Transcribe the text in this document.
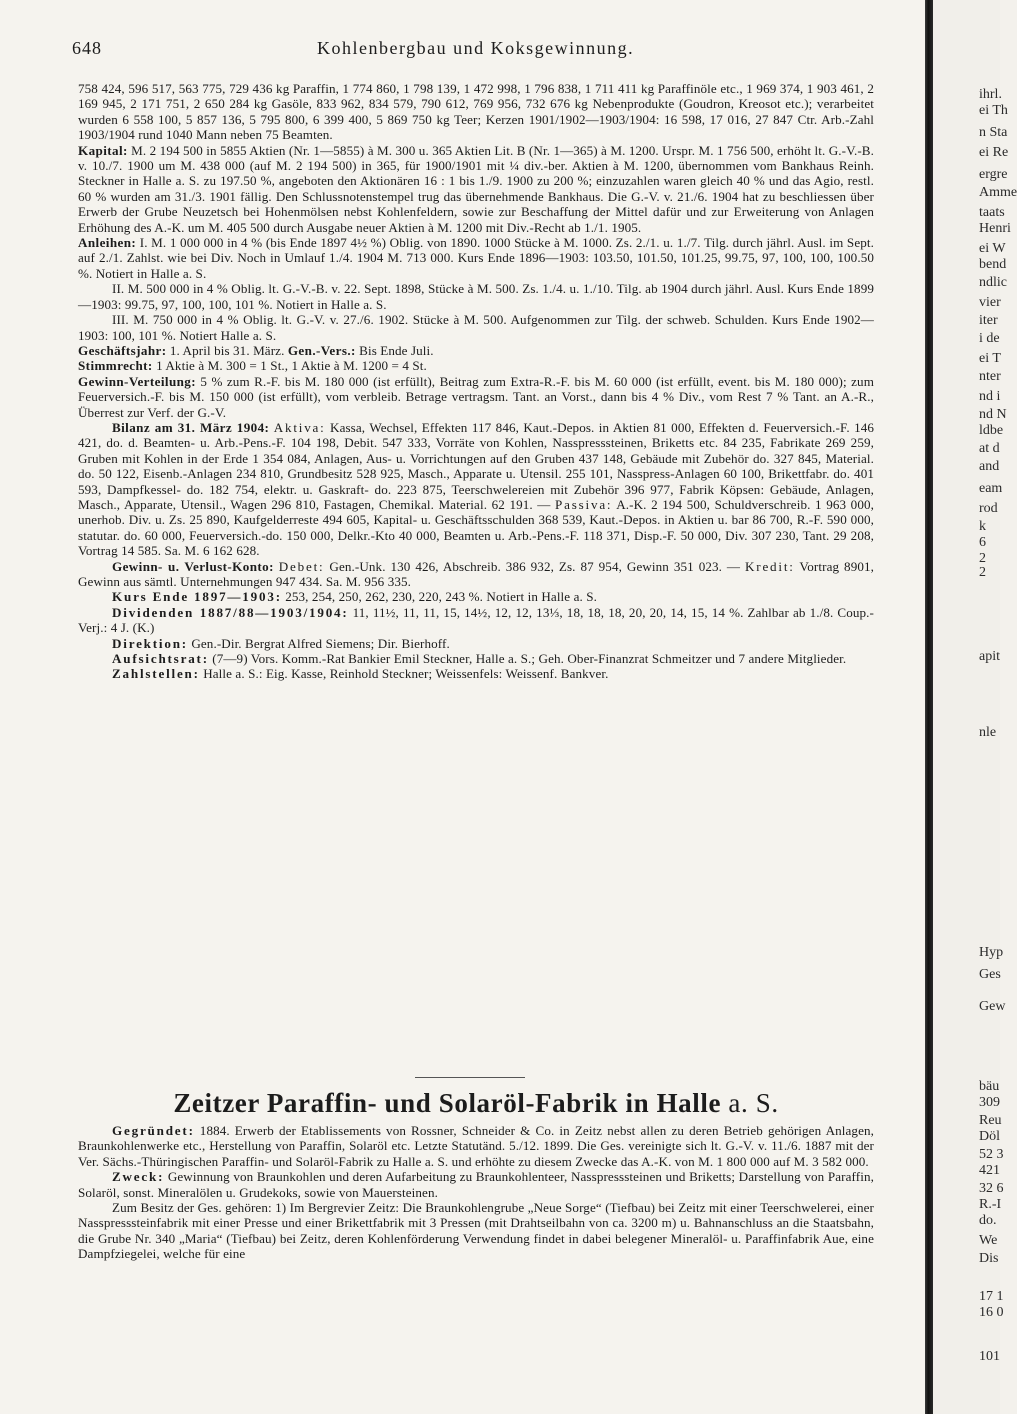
648	Kohlenbergbau und Koksgewinnung.

758 424, 596 517, 563 775, 729 436 kg Paraffin, 1 774 860, 1 798 139, 1 472 998, 1 796 838, 1 711 411 kg Paraffinöle etc., 1 969 374, 1 903 461, 2 169 945, 2 171 751, 2 650 284 kg Gasöle, 833 962, 834 579, 790 612, 769 956, 732 676 kg Nebenprodukte (Goudron, Kreosot etc.); verarbeitet wurden 6 558 100, 5 857 136, 5 795 800, 6 399 400, 5 869 750 kg Teer; Kerzen 1901/1902—1903/1904: 16 598, 17 016, 27 847 Ctr. Arb.-Zahl 1903/1904 rund 1040 Mann neben 75 Beamten.

Kapital: M. 2 194 500 in 5855 Aktien (Nr. 1—5855) à M. 300 u. 365 Aktien Lit. B (Nr. 1—365) à M. 1200. Urspr. M. 1 756 500, erhöht lt. G.-V.-B. v. 10./7. 1900 um M. 438 000 (auf M. 2 194 500) in 365, für 1900/1901 mit ¼ div.-ber. Aktien à M. 1200, übernommen vom Bankhaus Reinh. Steckner in Halle a. S. zu 197.50 %, angeboten den Aktionären 16 : 1 bis 1./9. 1900 zu 200 %; einzuzahlen waren gleich 40 % und das Agio, restl. 60 % wurden am 31./3. 1901 fällig. Den Schlussnotenstempel trug das übernehmende Bankhaus. Die G.-V. v. 21./6. 1904 hat zu beschliessen über Erwerb der Grube Neuzetsch bei Hohenmölsen nebst Kohlenfeldern, sowie zur Beschaffung der Mittel dafür und zur Erweiterung von Anlagen Erhöhung des A.-K. um M. 405 500 durch Ausgabe neuer Aktien à M. 1200 mit Div.-Recht ab 1./1. 1905.

Anleihen: I. M. 1 000 000 in 4 % (bis Ende 1897 4½ %) Oblig. von 1890. 1000 Stücke à M. 1000. Zs. 2./1. u. 1./7. Tilg. durch jährl. Ausl. im Sept. auf 2./1. Zahlst. wie bei Div. Noch in Umlauf 1./4. 1904 M. 713 000. Kurs Ende 1896—1903: 103.50, 101.50, 101.25, 99.75, 97, 100, 100, 100.50 %. Notiert in Halle a. S.

II. M. 500 000 in 4 % Oblig. lt. G.-V.-B. v. 22. Sept. 1898, Stücke à M. 500. Zs. 1./4. u. 1./10. Tilg. ab 1904 durch jährl. Ausl. Kurs Ende 1899—1903: 99.75, 97, 100, 100, 101 %. Notiert in Halle a. S.

III. M. 750 000 in 4 % Oblig. lt. G.-V. v. 27./6. 1902. Stücke à M. 500. Aufgenommen zur Tilg. der schweb. Schulden. Kurs Ende 1902—1903: 100, 101 %. Notiert Halle a. S.

Geschäftsjahr: 1. April bis 31. März. Gen.-Vers.: Bis Ende Juli.

Stimmrecht: 1 Aktie à M. 300 = 1 St., 1 Aktie à M. 1200 = 4 St.

Gewinn-Verteilung: 5 % zum R.-F. bis M. 180 000 (ist erfüllt), Beitrag zum Extra-R.-F. bis M. 60 000 (ist erfüllt, event. bis M. 180 000); zum Feuerversich.-F. bis M. 150 000 (ist erfüllt), vom verbleib. Betrage vertragsm. Tant. an Vorst., dann bis 4 % Div., vom Rest 7 % Tant. an A.-R., Überrest zur Verf. der G.-V.

Bilanz am 31. März 1904: Aktiva: Kassa, Wechsel, Effekten 117 846, Kaut.-Depos. in Aktien 81 000, Effekten d. Feuerversich.-F. 146 421, do. d. Beamten- u. Arb.-Pens.-F. 104 198, Debit. 547 333, Vorräte von Kohlen, Nasspresssteinen, Briketts etc. 84 235, Fabrikate 269 259, Gruben mit Kohlen in der Erde 1 354 084, Anlagen, Aus- u. Vorrichtungen auf den Gruben 437 148, Gebäude mit Zubehör do. 327 845, Material. do. 50 122, Eisenb.-Anlagen 234 810, Grundbesitz 528 925, Masch., Apparate u. Utensil. 255 101, Nasspress-Anlagen 60 100, Brikettfabr. do. 401 593, Dampfkessel- do. 182 754, elektr. u. Gaskraft- do. 223 875, Teerschwelereien mit Zubehör 396 977, Fabrik Köpsen: Gebäude, Anlagen, Masch., Apparate, Utensil., Wagen 296 810, Fastagen, Chemikal. Material. 62 191. — Passiva: A.-K. 2 194 500, Schuldverschreib. 1 963 000, unerhob. Div. u. Zs. 25 890, Kaufgelderreste 494 605, Kapital- u. Geschäftsschulden 368 539, Kaut.-Depos. in Aktien u. bar 86 700, R.-F. 590 000, statutar. do. 60 000, Feuerversich.-do. 150 000, Delkr.-Kto 40 000, Beamten u. Arb.-Pens.-F. 118 371, Disp.-F. 50 000, Div. 307 230, Tant. 29 208, Vortrag 14 585. Sa. M. 6 162 628.

Gewinn- u. Verlust-Konto: Debet: Gen.-Unk. 130 426, Abschreib. 386 932, Zs. 87 954, Gewinn 351 023. — Kredit: Vortrag 8901, Gewinn aus sämtl. Unternehmungen 947 434. Sa. M. 956 335.

Kurs Ende 1897—1903: 253, 254, 250, 262, 230, 220, 243 %. Notiert in Halle a. S.

Dividenden 1887/88—1903/1904: 11, 11½, 11, 11, 15, 14½, 12, 12, 13⅓, 18, 18, 18, 20, 20, 14, 15, 14 %. Zahlbar ab 1./8. Coup.-Verj.: 4 J. (K.)

Direktion: Gen.-Dir. Bergrat Alfred Siemens; Dir. Bierhoff.

Aufsichtsrat: (7—9) Vors. Komm.-Rat Bankier Emil Steckner, Halle a. S.; Geh. Ober-Finanzrat Schmeitzer und 7 andere Mitglieder.

Zahlstellen: Halle a. S.: Eig. Kasse, Reinhold Steckner; Weissenfels: Weissenf. Bankver.

Zeitzer Paraffin- und Solaröl-Fabrik in Halle a. S.

Gegründet: 1884. Erwerb der Etablissements von Rossner, Schneider & Co. in Zeitz nebst allen zu deren Betrieb gehörigen Anlagen, Braunkohlenwerke etc., Herstellung von Paraffin, Solaröl etc. Letzte Statutänd. 5./12. 1899. Die Ges. vereinigte sich lt. G.-V. v. 11./6. 1887 mit der Ver. Sächs.-Thüringischen Paraffin- und Solaröl-Fabrik zu Halle a. S. und erhöhte zu diesem Zwecke das A.-K. von M. 1 800 000 auf M. 3 582 000.

Zweck: Gewinnung von Braunkohlen und deren Aufarbeitung zu Braunkohlenteer, Nasspresssteinen und Briketts; Darstellung von Paraffin, Solaröl, sonst. Mineralölen u. Grudekoks, sowie von Mauersteinen.

Zum Besitz der Ges. gehören: 1) Im Bergrevier Zeitz: Die Braunkohlengrube „Neue Sorge“ (Tiefbau) bei Zeitz mit einer Teerschwelerei, einer Nasspresssteinfabrik mit einer Presse und einer Brikettfabrik mit 3 Pressen (mit Drahtseilbahn von ca. 3200 m) u. Bahnanschluss an die Staatsbahn, die Grube Nr. 340 „Maria“ (Tiefbau) bei Zeitz, deren Kohlenförderung Verwendung findet in dabei belegener Mineralöl- u. Paraffinfabrik Aue, eine Dampfziegelei, welche für eine

ihrl.
ei Th
n Sta
ei Re
ergre
Amme
taats
Henri
ei W
bend
ndlic
vier
iter
i de
ei T
nter
nd i
nd N
ldbe
at d
and
eam
rod
k
6
2
2
apit
nle
Hyp
Ges
Gew
bäu
309
Reu
Döl
52 3
421
32 6
R.-I
do.
We
Dis
17 1
16 0
101
